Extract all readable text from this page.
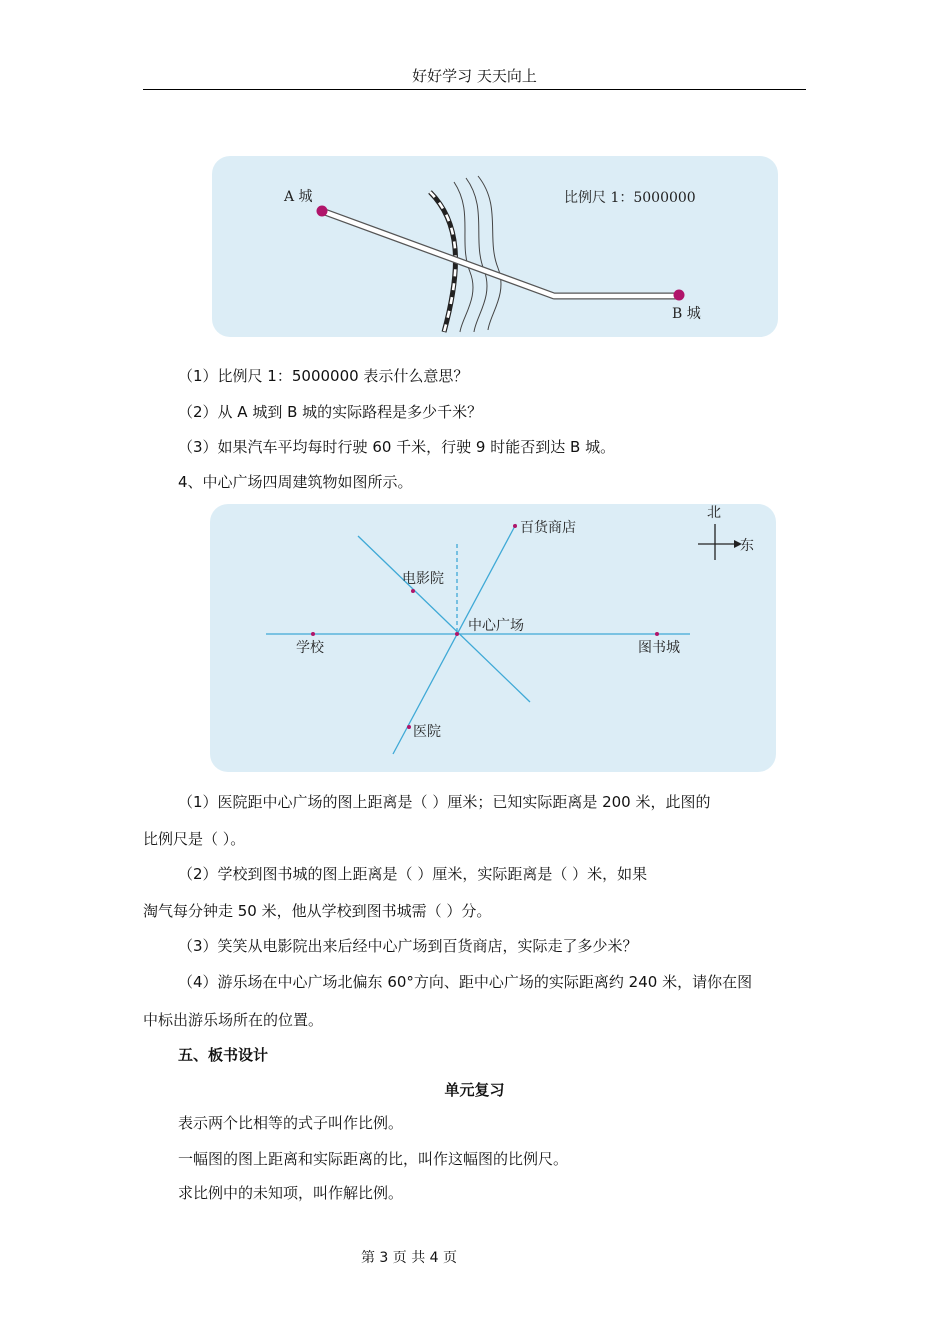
好好学习 天天向上
A 城
B 城
比例尺 1：5000000
（1）比例尺 1：5000000 表示什么意思？
（2）从 A 城到 B 城的实际路程是多少千米？
（3）如果汽车平均每时行驶 60 千米，行驶 9 时能否到达 B 城。
4、中心广场四周建筑物如图所示。
中心广场
百货商店
电影院
学校	图书城
医院
北
东
（1）医院距中心广场的图上距离是（ ）厘米；已知实际距离是 200 米，此图的
比例尺是（ ）。
（2）学校到图书城的图上距离是（ ）厘米，实际距离是（ ）米，如果
淘气每分钟走 50 米，他从学校到图书城需（ ）分。
（3）笑笑从电影院出来后经中心广场到百货商店，实际走了多少米？
（4）游乐场在中心广场北偏东 60°方向、距中心广场的实际距离约 240 米，请你在图
中标出游乐场所在的位置。
五、板书设计
单元复习
表示两个比相等的式子叫作比例。
一幅图的图上距离和实际距离的比，叫作这幅图的比例尺。
求比例中的未知项，叫作解比例。
第 3 页 共 4 页
